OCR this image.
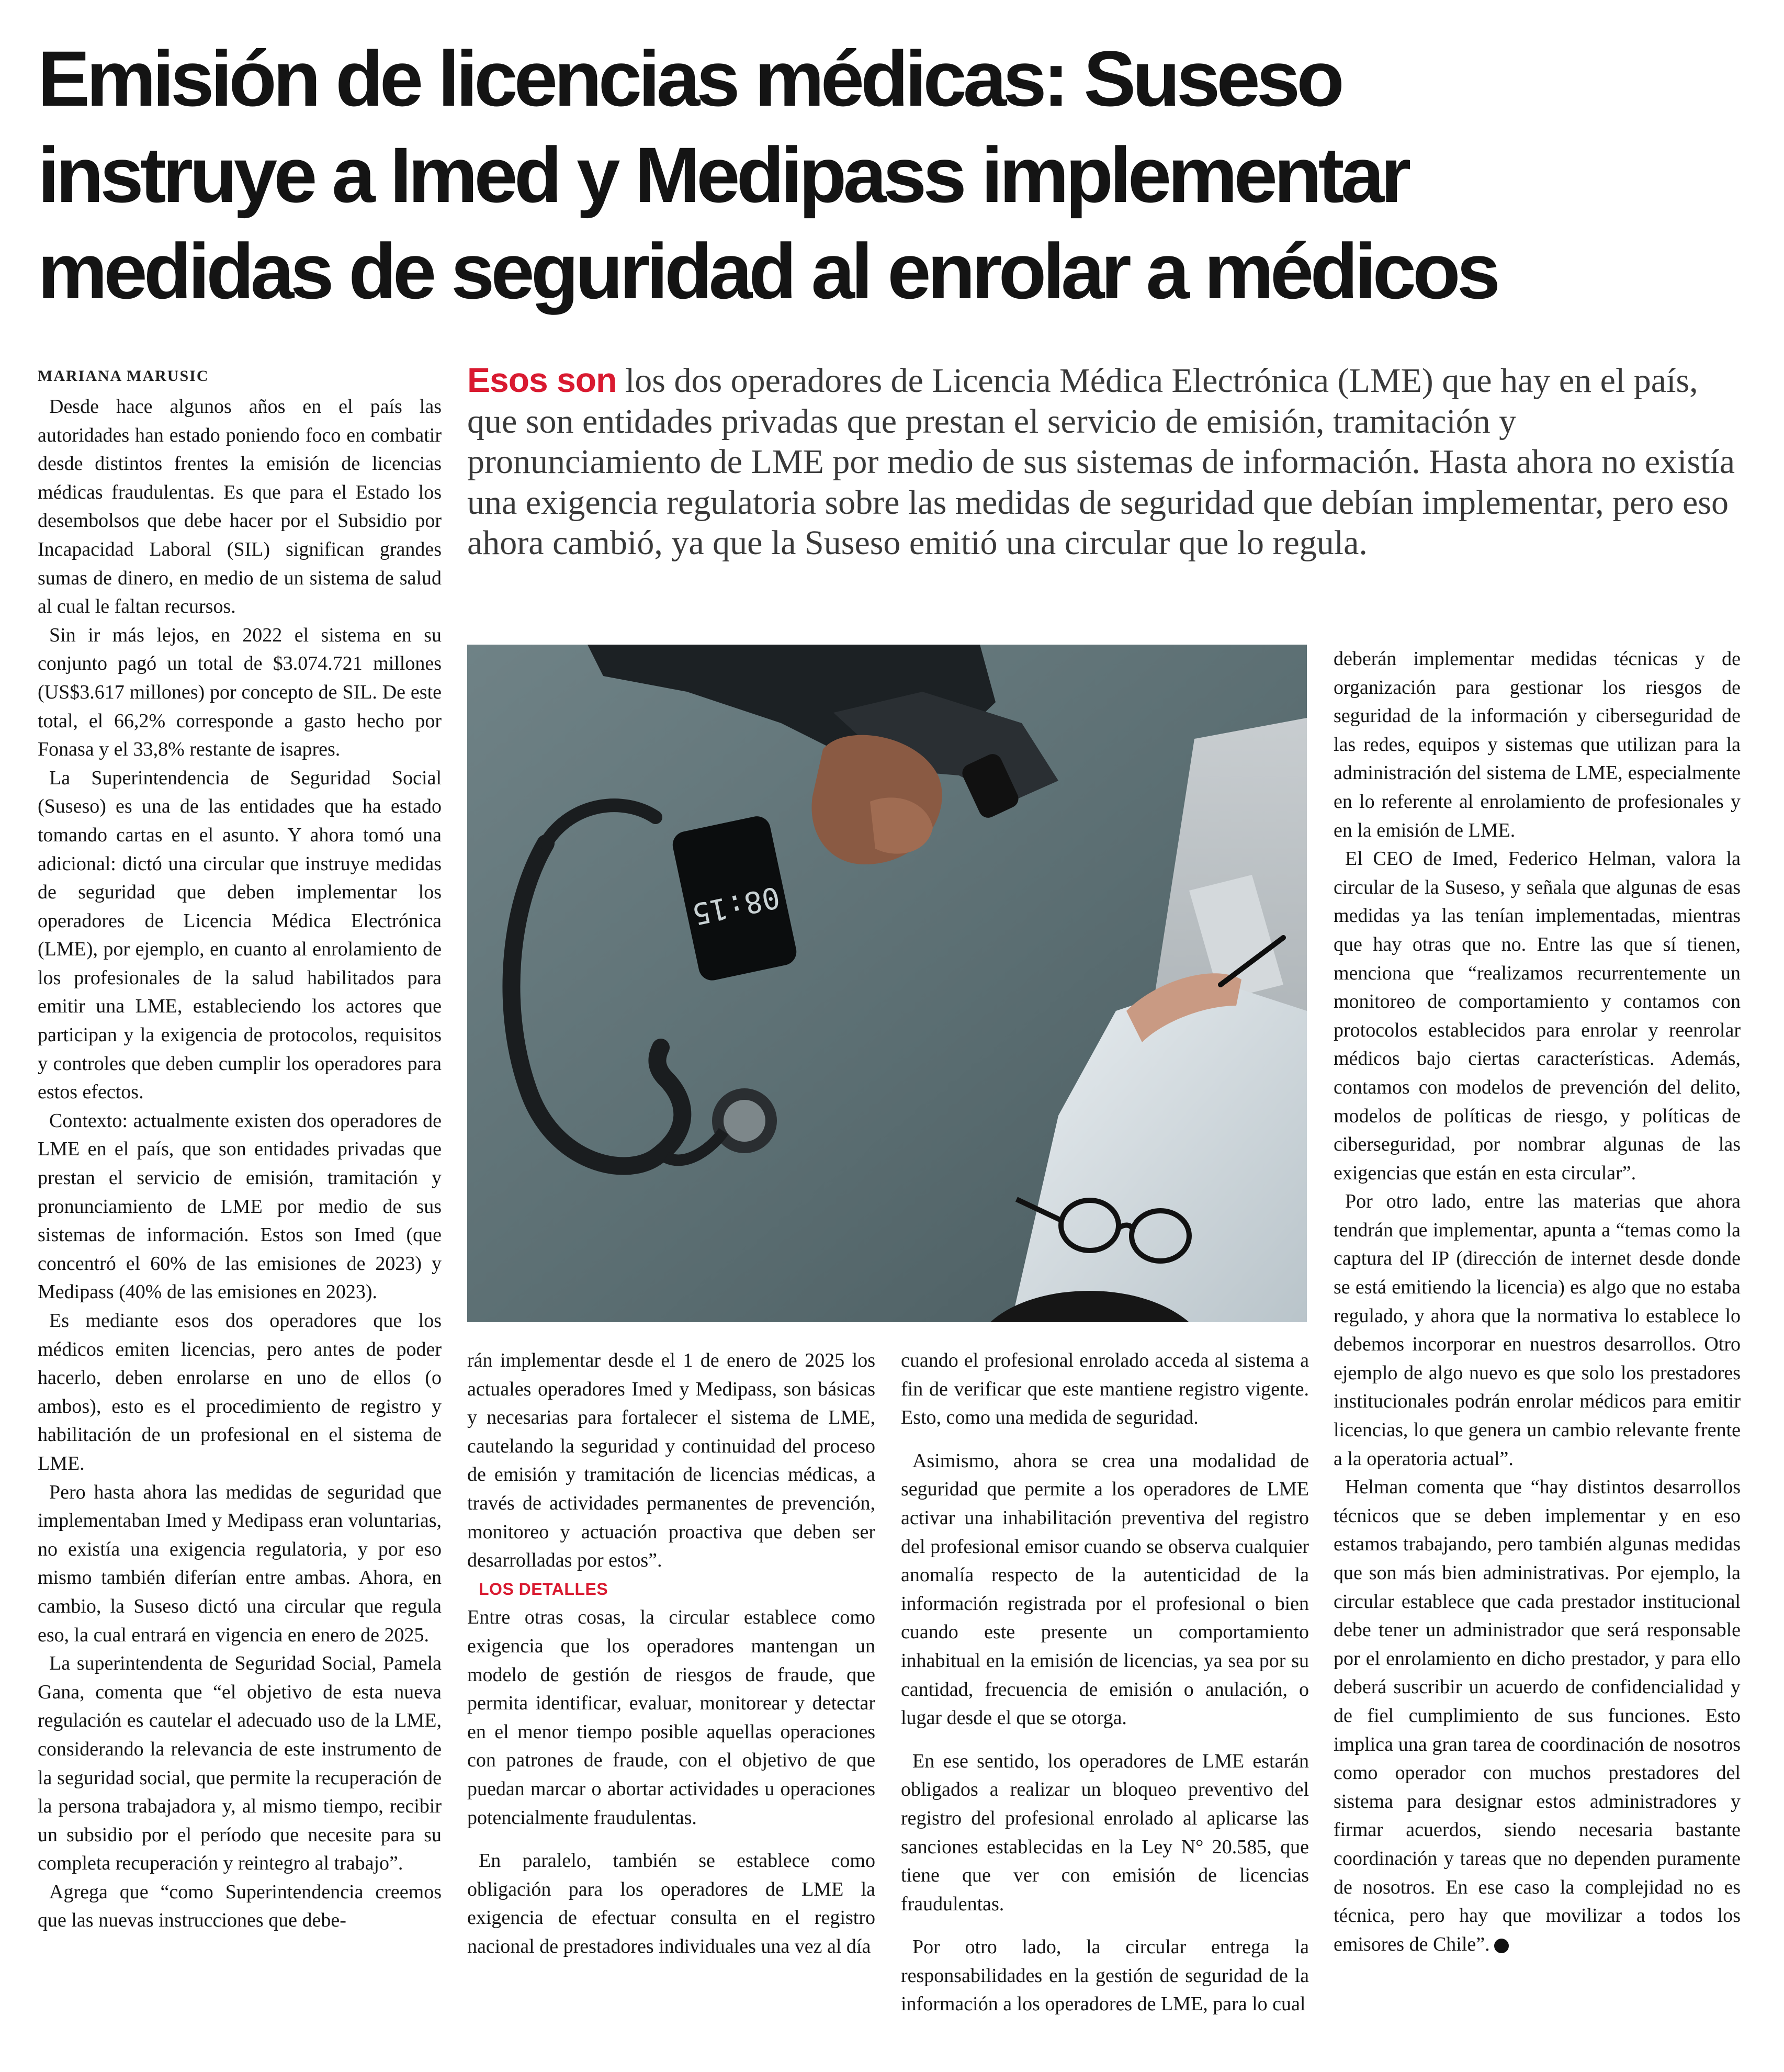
Emisión de licencias médicas: Suseso
instruye a Imed y Medipass implementar
medidas de seguridad al enrolar a médicos
MARIANA MARUSIC	Esos son los dos operadores de Licencia Médica Electrónica (LME) que hay en el país, que son entidades privadas que prestan el servicio de emisión, tramitación y pronunciamiento de LME por medio de sus sistemas de información. Hasta ahora no existía una exigencia regulatoria sobre las medidas de seguridad que debían implementar, pero eso ahora cambió, ya que la Suseso emitió una circular que lo regula.

Desde hace algunos años en el país las autoridades han estado poniendo foco en combatir desde distintos frentes la emisión de licencias médicas fraudulentas. Es que para el Estado los desembolsos que debe hacer por el Subsidio por Incapacidad Laboral (SIL) significan grandes sumas de dinero, en medio de un sistema de salud al cual le faltan recursos.

Sin ir más lejos, en 2022 el sistema en su conjunto pagó un total de $3.074.721 millones (US$3.617 millones) por concepto de SIL. De este total, el 66,2% corresponde a gasto hecho por Fonasa y el 33,8% restante de isapres.

La Superintendencia de Seguridad Social (Suseso) es una de las entidades que ha estado tomando cartas en el asunto. Y ahora tomó una adicional: dictó una circular que instruye medidas de seguridad que deben implementar los operadores de Licencia Médica Electrónica (LME), por ejemplo, en cuanto al enrolamiento de los profesionales de la salud habilitados para emitir una LME, estableciendo los actores que participan y la exigencia de protocolos, requisitos y controles que deben cumplir los operadores para estos efectos.

Contexto: actualmente existen dos operadores de LME en el país, que son entidades privadas que prestan el servicio de emisión, tramitación y pronunciamiento de LME por medio de sus sistemas de información. Estos son Imed (que concentró el 60% de las emisiones de 2023) y Medipass (40% de las emisiones en 2023).

Es mediante esos dos operadores que los médicos emiten licencias, pero antes de poder hacerlo, deben enrolarse en uno de ellos (o ambos), esto es el procedimiento de registro y habilitación de un profesional en el sistema de LME.

Pero hasta ahora las medidas de seguridad que implementaban Imed y Medipass eran voluntarias, no existía una exigencia regulatoria, y por eso mismo también diferían entre ambas. Ahora, en cambio, la Suseso dictó una circular que regula eso, la cual entrará en vigencia en enero de 2025.

La superintendenta de Seguridad Social, Pamela Gana, comenta que “el objetivo de esta nueva regulación es cautelar el adecuado uso de la LME, considerando la relevancia de este instrumento de la seguridad social, que permite la recuperación de la persona trabajadora y, al mismo tiempo, recibir un subsidio por el período que necesite para su completa recuperación y reintegro al trabajo”.

Agrega que “como Superintendencia creemos que las nuevas instrucciones que debe-

08:15

rán implementar desde el 1 de enero de 2025 los actuales operadores Imed y Medipass, son básicas y necesarias para fortalecer el sistema de LME, cautelando la seguridad y continuidad del proceso de emisión y tramitación de licencias médicas, a través de actividades permanentes de prevención, monitoreo y actuación proactiva que deben ser desarrolladas por estos”.

LOS DETALLES

Entre otras cosas, la circular establece como exigencia que los operadores mantengan un modelo de gestión de riesgos de fraude, que permita identificar, evaluar, monitorear y detectar en el menor tiempo posible aquellas operaciones con patrones de fraude, con el objetivo de que puedan marcar o abortar actividades u operaciones potencialmente fraudulentas.

En paralelo, también se establece como obligación para los operadores de LME la exigencia de efectuar consulta en el registro nacional de prestadores individuales una vez al día

cuando el profesional enrolado acceda al sistema a fin de verificar que este mantiene registro vigente. Esto, como una medida de seguridad.

Asimismo, ahora se crea una modalidad de seguridad que permite a los operadores de LME activar una inhabilitación preventiva del registro del profesional emisor cuando se observa cualquier anomalía respecto de la autenticidad de la información registrada por el profesional o bien cuando este presente un comportamiento inhabitual en la emisión de licencias, ya sea por su cantidad, frecuencia de emisión o anulación, o lugar desde el que se otorga.

En ese sentido, los operadores de LME estarán obligados a realizar un bloqueo preventivo del registro del profesional enrolado al aplicarse las sanciones establecidas en la Ley N° 20.585, que tiene que ver con emisión de licencias fraudulentas.

Por otro lado, la circular entrega la responsabilidades en la gestión de seguridad de la información a los operadores de LME, para lo cual

deberán implementar medidas técnicas y de organización para gestionar los riesgos de seguridad de la información y ciberseguridad de las redes, equipos y sistemas que utilizan para la administración del sistema de LME, especialmente en lo referente al enrolamiento de profesionales y en la emisión de LME.

El CEO de Imed, Federico Helman, valora la circular de la Suseso, y señala que algunas de esas medidas ya las tenían implementadas, mientras que hay otras que no. Entre las que sí tienen, menciona que “realizamos recurrentemente un monitoreo de comportamiento y contamos con protocolos establecidos para enrolar y reenrolar médicos bajo ciertas características. Además, contamos con modelos de prevención del delito, modelos de políticas de riesgo, y políticas de ciberseguridad, por nombrar algunas de las exigencias que están en esta circular”.

Por otro lado, entre las materias que ahora tendrán que implementar, apunta a “temas como la captura del IP (dirección de internet desde donde se está emitiendo la licencia) es algo que no estaba regulado, y ahora que la normativa lo establece lo debemos incorporar en nuestros desarrollos. Otro ejemplo de algo nuevo es que solo los prestadores institucionales podrán enrolar médicos para emitir licencias, lo que genera un cambio relevante frente a la operatoria actual”.

Helman comenta que “hay distintos desarrollos técnicos que se deben implementar y en eso estamos trabajando, pero también algunas medidas que son más bien administrativas. Por ejemplo, la circular establece que cada prestador institucional debe tener un administrador que será responsable por el enrolamiento en dicho prestador, y para ello deberá suscribir un acuerdo de confidencialidad y de fiel cumplimiento de sus funciones. Esto implica una gran tarea de coordinación de nosotros como operador con muchos prestadores del sistema para designar estos administradores y firmar acuerdos, siendo necesaria bastante coordinación y tareas que no dependen puramente de nosotros. En ese caso la complejidad no es técnica, pero hay que movilizar a todos los emisores de Chile”.
